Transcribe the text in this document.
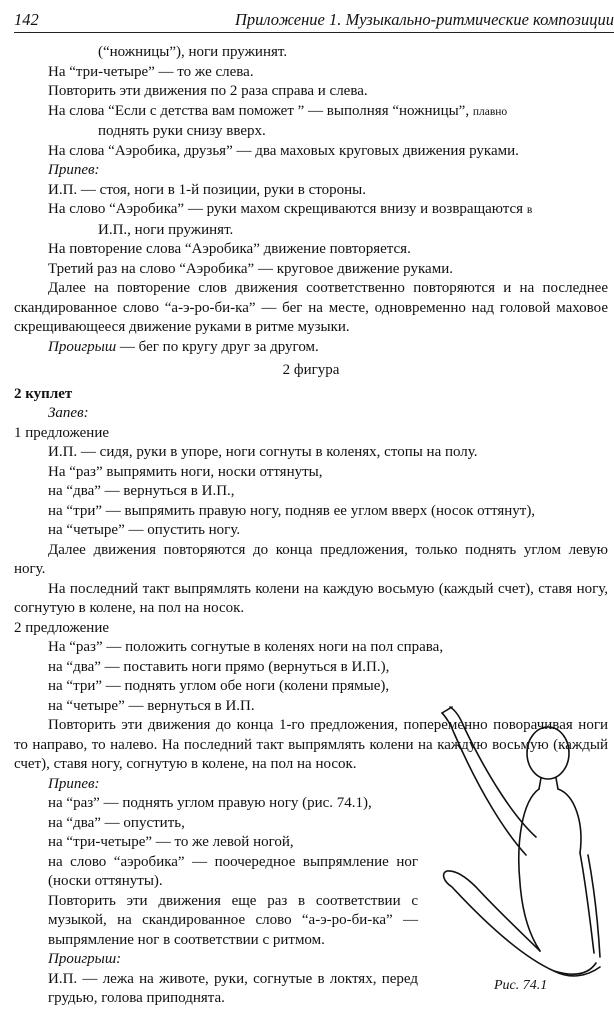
142	Приложение 1. Музыкально-ритмические композиции
(“ножницы”), ноги пружинят.
На “три-четыре” — то же слева.
Повторить эти движения по 2 раза справа и слева.
На слова “Если с детства вам поможет ” — выполняя “ножницы”, плавно
поднять руки снизу вверх.
На слова “Аэробика, друзья” — два маховых круговых движения руками.
Припев:
И.П. — стоя, ноги в 1-й позиции, руки в стороны.
На слово “Аэробика” — руки махом скрещиваются внизу и возвращаются в
И.П., ноги пружинят.
На повторение слова “Аэробика” движение повторяется.
Третий раз на слово “Аэробика” — круговое движение руками.
Далее на повторение слов движения соответственно повторяются и на последнее скандированное слово “а-э-ро-би-ка” — бег на месте, одновременно над головой маховое скрещивающееся движение руками в ритме музыки.
Проигрыш — бег по кругу друг за другом.
2 фигура
2 куплет
Запев:
1 предложение
И.П. — сидя, руки в упоре, ноги согнуты в коленях, стопы на полу.
На “раз” выпрямить ноги, носки оттянуты,
на “два” — вернуться в И.П.,
на “три” — выпрямить правую ногу, подняв ее углом вверх (носок оттянут),
на “четыре” — опустить ногу.
Далее движения повторяются до конца предложения, только поднять углом левую ногу.
На последний такт выпрямлять колени на каждую восьмую (каждый счет), ставя ногу, согнутую в колене, на пол на носок.
2 предложение
На “раз” — положить согнутые в коленях ноги на пол справа,
на “два” — поставить ноги прямо (вернуться в И.П.),
на “три” — поднять углом обе ноги (колени прямые),
на “четыре” — вернуться в И.П.
Повторить эти движения до конца 1-го предложения, попеременно поворачивая ноги то направо, то налево. На последний такт выпрямлять колени на каждую восьмую (каждый счет), ставя ногу, согнутую в колене, на пол на носок.
Припев:
на “раз” — поднять углом правую ногу (рис. 74.1),
на “два” — опустить,
на “три-четыре” — то же левой ногой,
на слово “аэробика” — поочередное выпрямление ног (носки оттянуты).
Повторить эти движения еще раз в соответствии с музыкой, на скандированное слово “а-э-ро-би-ка” — выпрямление ног в соответствии с ритмом.
Проигрыш:
И.П. — лежа на животе, руки, согнутые в локтях, перед грудью, голова приподнята.
Рис. 74.1
